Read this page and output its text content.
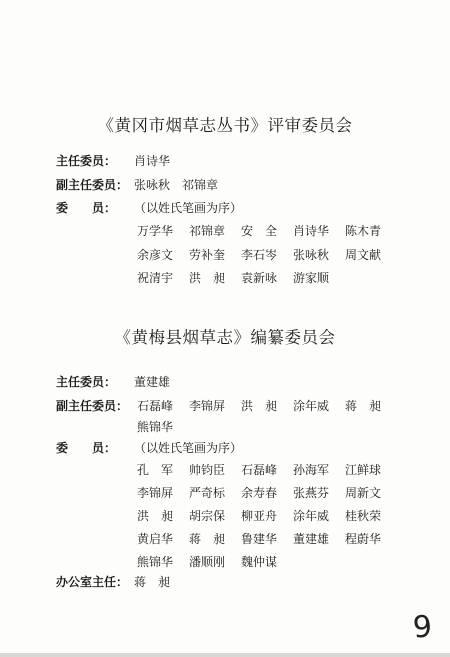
《黄冈市烟草志丛书》评审委员会
主任委员： 肖诗华
副主任委员： 张咏秋　祁锦章
委　　员： （以姓氏笔画为序）
万学华 祁锦章 安　全 肖诗华 陈木青
余彦文 劳补奎 李石岑 张咏秋 周文献
祝清宇 洪　昶 袁新咏 游家顺
《黄梅县烟草志》编纂委员会
主任委员： 董建雄
副主任委员： 石磊峰 李锦屏 洪　昶 涂年威 蒋　昶
熊锦华
委　　员： （以姓氏笔画为序）
孔　军 帅钧臣 石磊峰 孙海军 江鲜球
李锦屏 严奇标 余寿春 张燕芬 周新文
洪　昶 胡宗保 柳亚舟 涂年威 桂秋荣
黄启华 蒋　昶 鲁建华 董建雄 程蔚华
熊锦华 潘顺刚 魏仲谋
办公室主任： 蒋　昶
9
